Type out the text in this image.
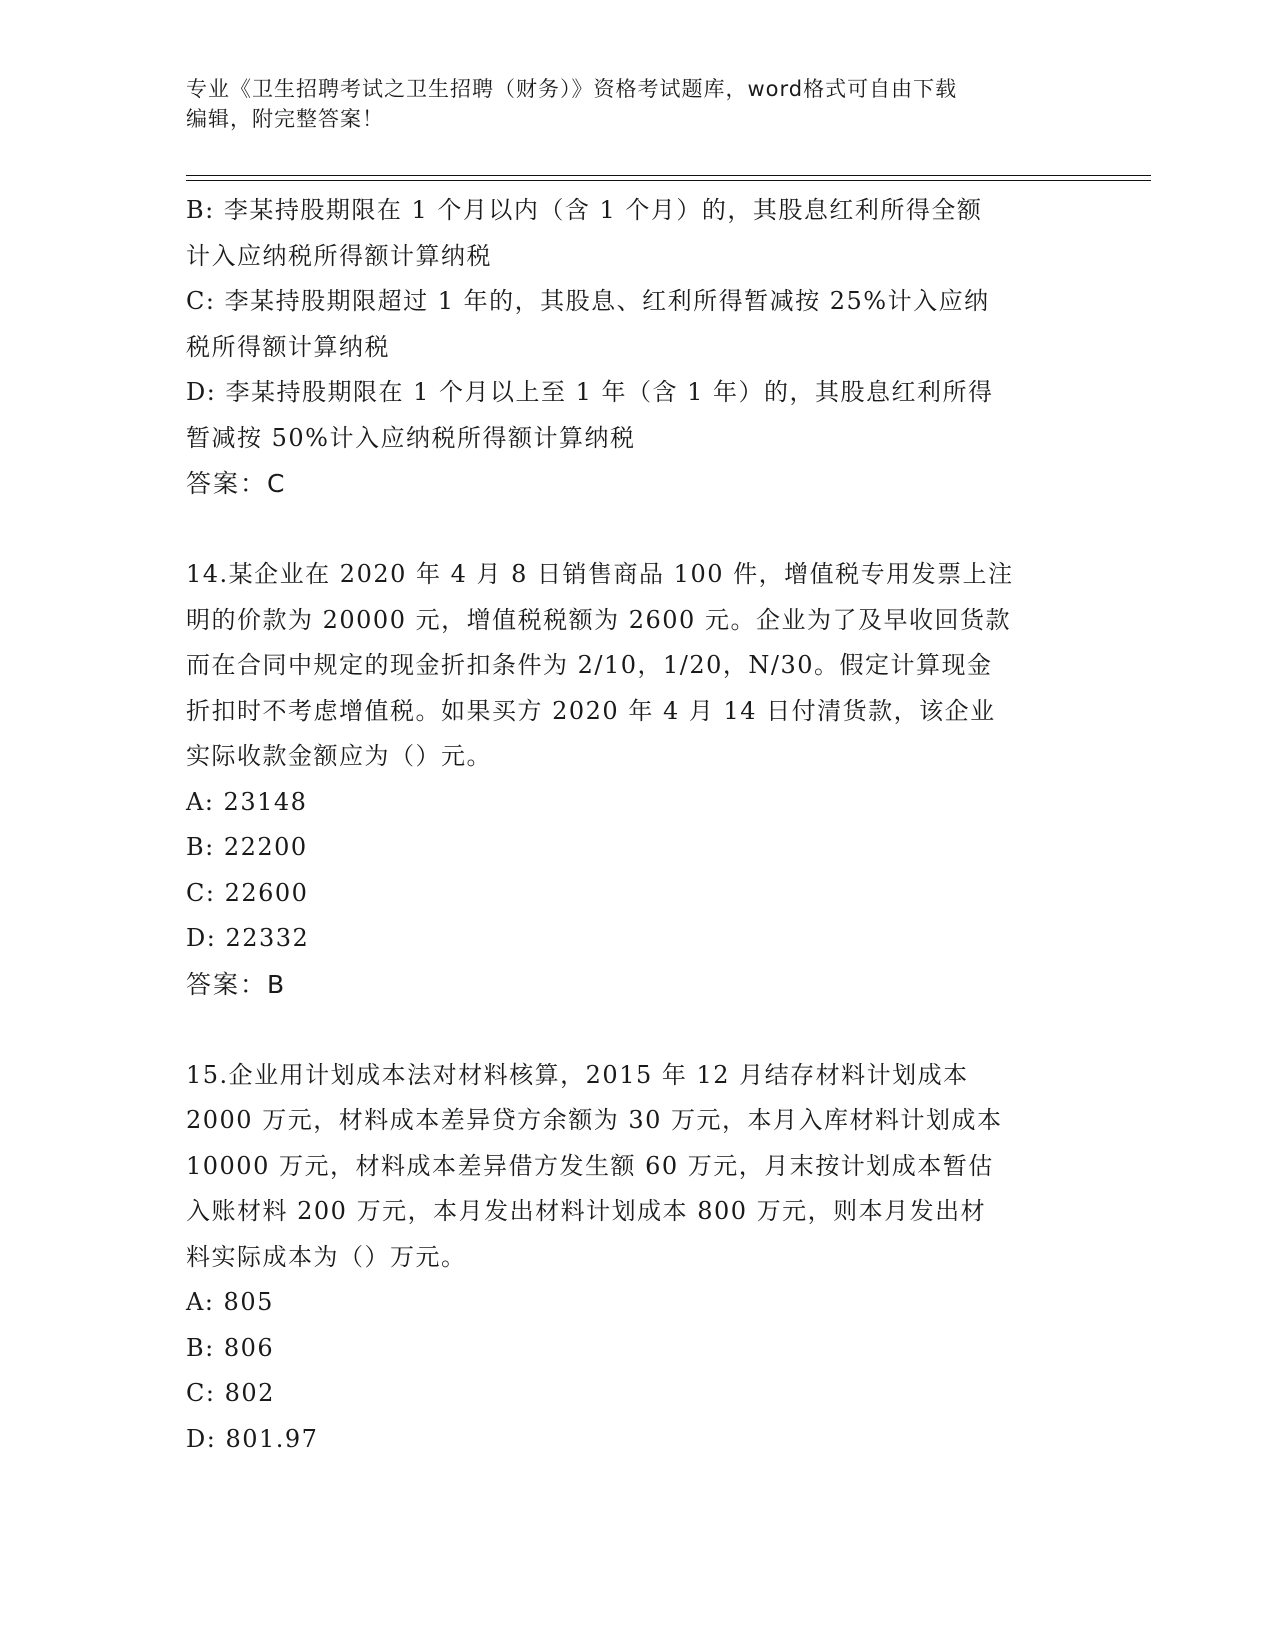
专业《卫生招聘考试之卫生招聘（财务）》资格考试题库，word格式可自由下载
编辑，附完整答案！
B: 李某持股期限在 1 个月以内（含 1 个月）的，其股息红利所得全额
计入应纳税所得额计算纳税
C: 李某持股期限超过 1 年的，其股息、红利所得暂减按 25%计入应纳
税所得额计算纳税
D: 李某持股期限在 1 个月以上至 1 年（含 1 年）的，其股息红利所得
暂减按 50%计入应纳税所得额计算纳税
答案：C
14.某企业在 2020 年 4 月 8 日销售商品 100 件，增值税专用发票上注
明的价款为 20000 元，增值税税额为 2600 元。企业为了及早收回货款
而在合同中规定的现金折扣条件为 2/10，1/20，N/30。假定计算现金
折扣时不考虑增值税。如果买方 2020 年 4 月 14 日付清货款，该企业
实际收款金额应为（）元。
A: 23148
B: 22200
C: 22600
D: 22332
答案：B
15.企业用计划成本法对材料核算，2015 年 12 月结存材料计划成本
2000 万元，材料成本差异贷方余额为 30 万元，本月入库材料计划成本
10000 万元，材料成本差异借方发生额 60 万元，月末按计划成本暂估
入账材料 200 万元，本月发出材料计划成本 800 万元，则本月发出材
料实际成本为（）万元。
A: 805
B: 806
C: 802
D: 801.97
